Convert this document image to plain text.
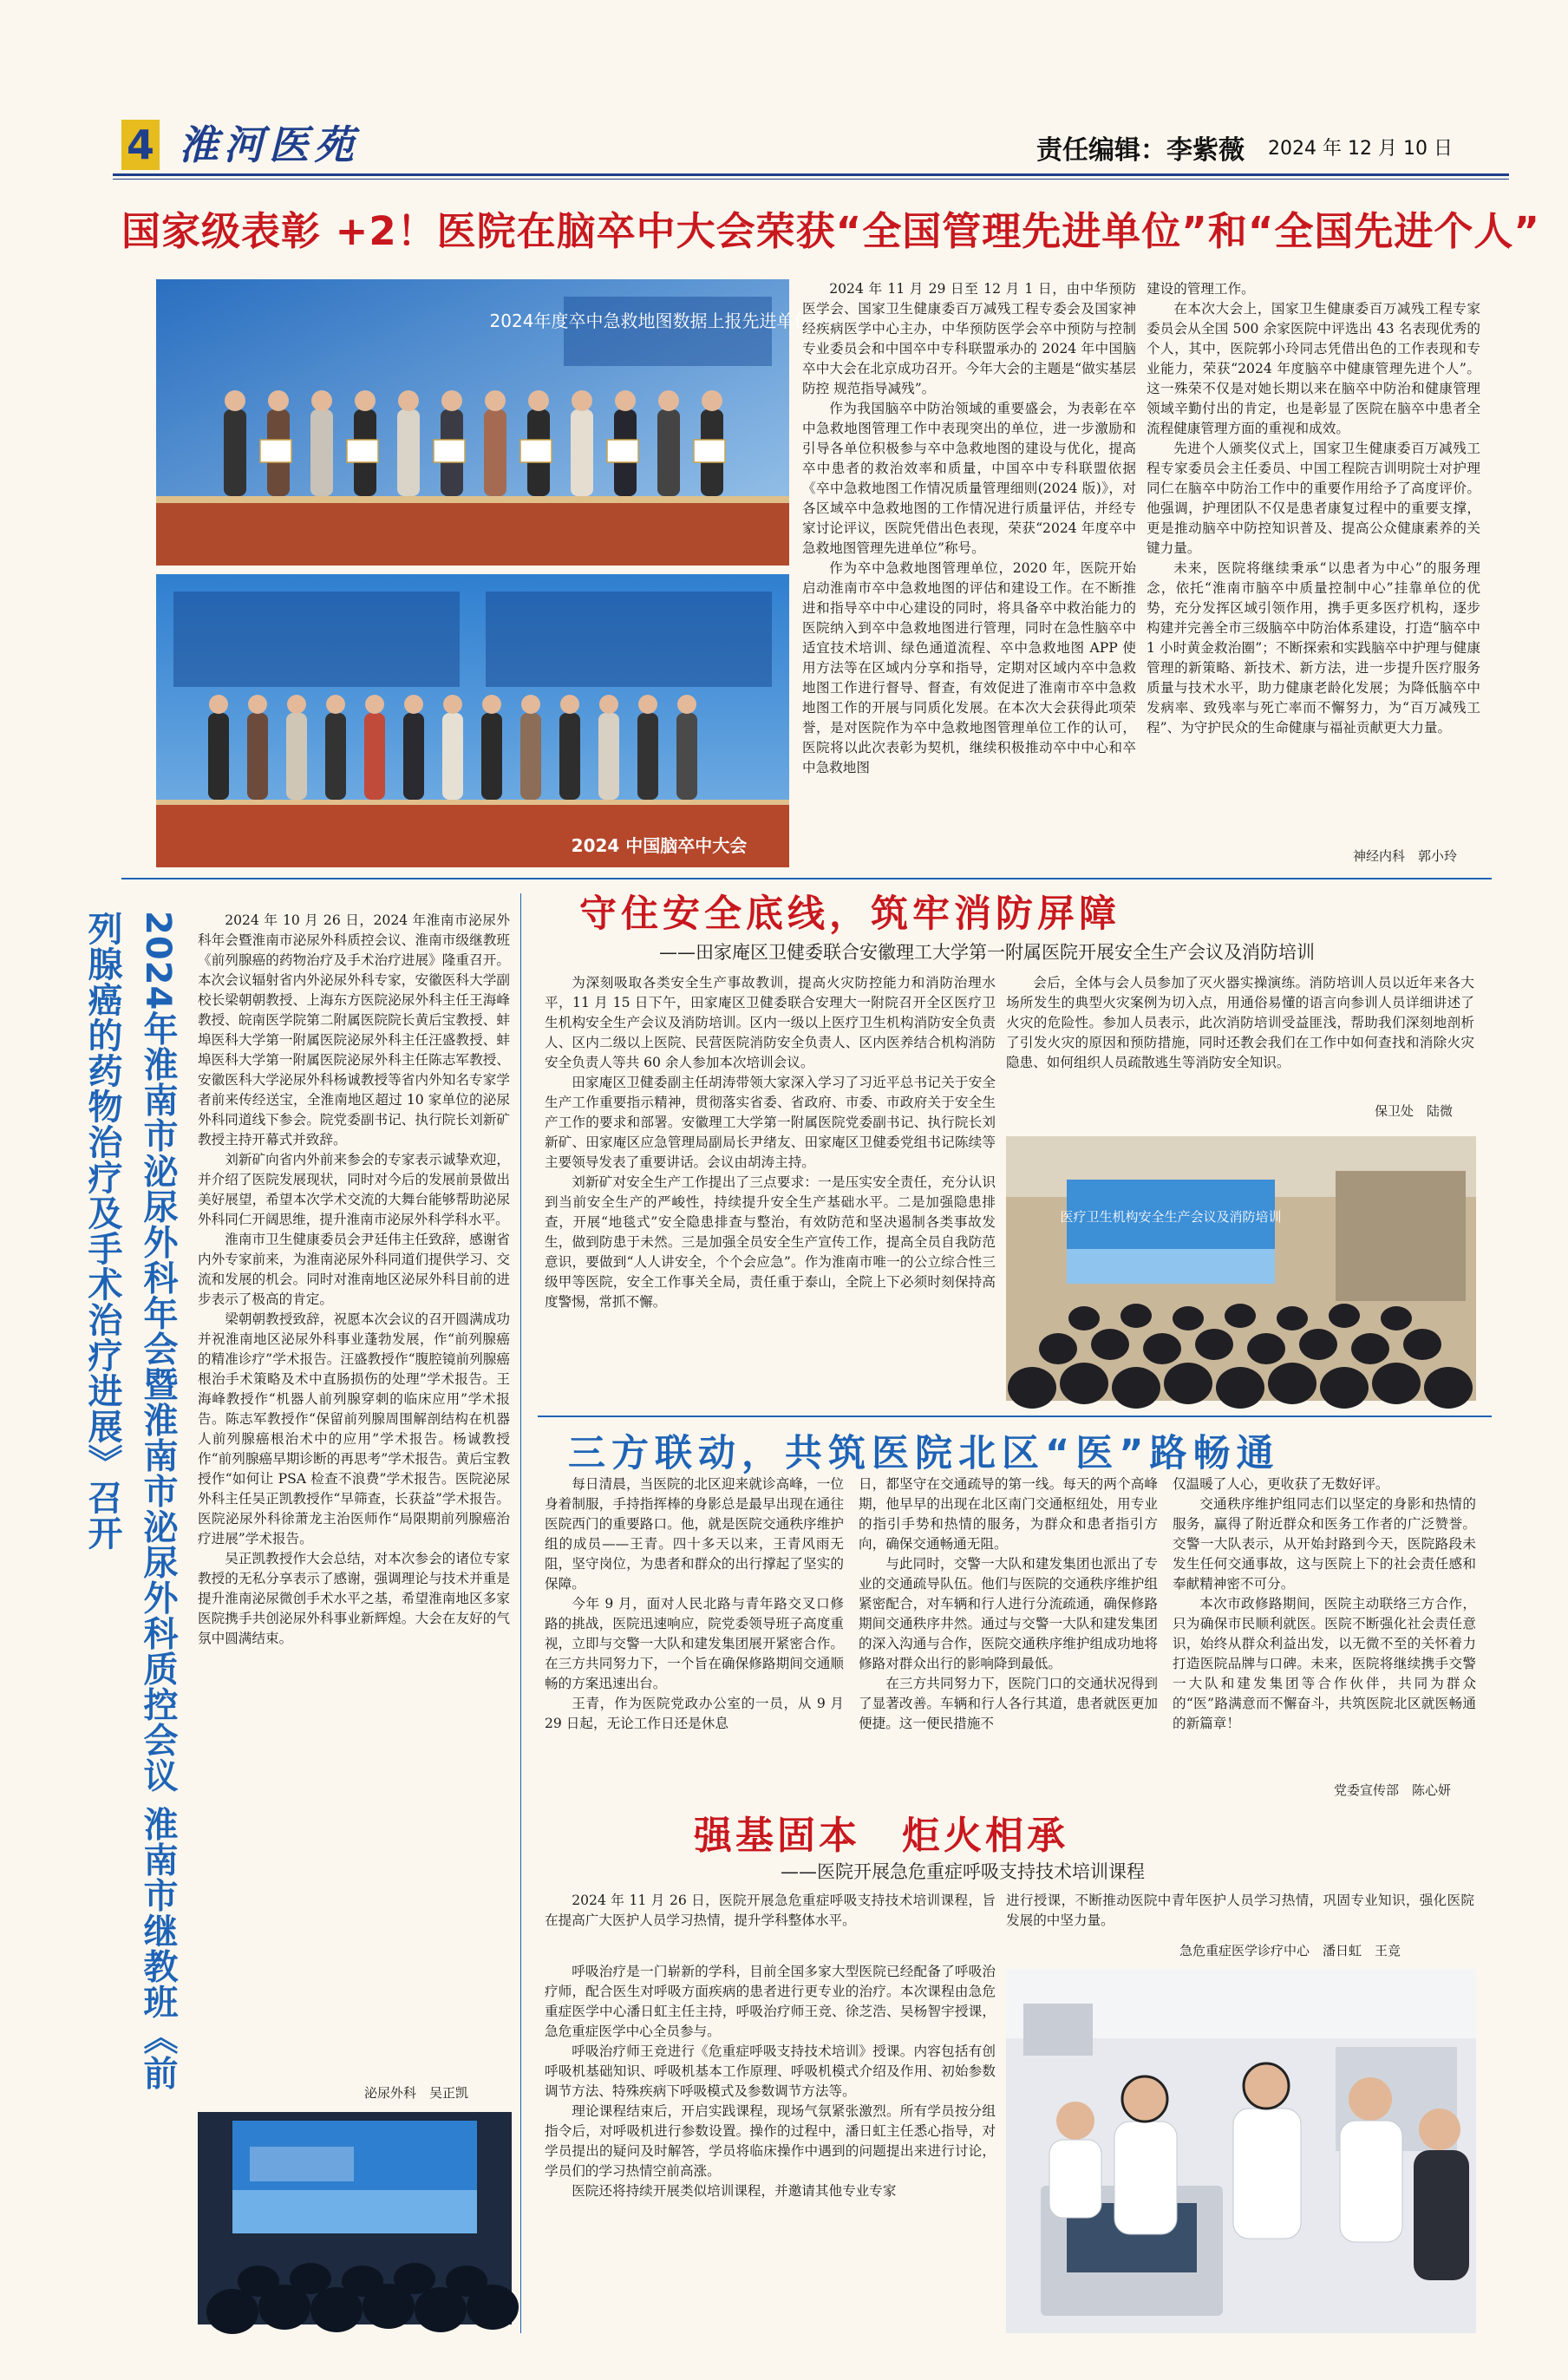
4 淮河医苑	责任编辑：李紫薇 2024 年 12 月 10 日
国家级表彰 +2！医院在脑卒中大会荣获“全国管理先进单位”和“全国先进个人”
2024年度卒中急救地图数据上报先进单位表彰
2024 中国脑卒中大会

2024 年 11 月 29 日至 12 月 1 日，由中华预防医学会、国家卫生健康委百万减残工程专委会及国家神经疾病医学中心主办，中华预防医学会卒中预防与控制专业委员会和中国卒中专科联盟承办的 2024 年中国脑卒中大会在北京成功召开。今年大会的主题是“做实基层防控 规范指导减残”。

作为我国脑卒中防治领域的重要盛会，为表彰在卒中急救地图管理工作中表现突出的单位，进一步激励和引导各单位积极参与卒中急救地图的建设与优化，提高卒中患者的救治效率和质量，中国卒中专科联盟依据《卒中急救地图工作情况质量管理细则(2024 版)》，对各区域卒中急救地图的工作情况进行质量评估，并经专家讨论评议，医院凭借出色表现，荣获“2024 年度卒中急救地图管理先进单位”称号。

作为卒中急救地图管理单位，2020 年，医院开始启动淮南市卒中急救地图的评估和建设工作。在不断推进和指导卒中中心建设的同时，将具备卒中救治能力的医院纳入到卒中急救地图进行管理，同时在急性脑卒中适宜技术培训、绿色通道流程、卒中急救地图 APP 使用方法等在区域内分享和指导，定期对区域内卒中急救地图工作进行督导、督查，有效促进了淮南市卒中急救地图工作的开展与同质化发展。在本次大会获得此项荣誉，是对医院作为卒中急救地图管理单位工作的认可，医院将以此次表彰为契机，继续积极推动卒中中心和卒中急救地图

建设的管理工作。

在本次大会上，国家卫生健康委百万减残工程专家委员会从全国 500 余家医院中评选出 43 名表现优秀的个人，其中，医院郭小玲同志凭借出色的工作表现和专业能力，荣获“2024 年度脑卒中健康管理先进个人”。这一殊荣不仅是对她长期以来在脑卒中防治和健康管理领域辛勤付出的肯定，也是彰显了医院在脑卒中患者全流程健康管理方面的重视和成效。

先进个人颁奖仪式上，国家卫生健康委百万减残工程专家委员会主任委员、中国工程院吉训明院士对护理同仁在脑卒中防治工作中的重要作用给予了高度评价。他强调，护理团队不仅是患者康复过程中的重要支撑，更是推动脑卒中防控知识普及、提高公众健康素养的关键力量。

未来，医院将继续秉承“以患者为中心”的服务理念，依托“淮南市脑卒中质量控制中心”挂靠单位的优势，充分发挥区域引领作用，携手更多医疗机构，逐步构建并完善全市三级脑卒中防治体系建设，打造“脑卒中 1 小时黄金救治圈”；不断探索和实践脑卒中护理与健康管理的新策略、新技术、新方法，进一步提升医疗服务质量与技术水平，助力健康老龄化发展；为降低脑卒中发病率、致残率与死亡率而不懈努力，为“百万减残工程”、为守护民众的生命健康与福祉贡献更大力量。

神经内科　郭小玲
2024年淮南市泌尿外科年会暨淮南市泌尿外科质控会议 淮南市继教班《前列腺癌的药物治疗及手术治疗进展》召开	2024 年 10 月 26 日，2024 年淮南市泌尿外科年会暨淮南市泌尿外科质控会议、淮南市级继教班《前列腺癌的药物治疗及手术治疗进展》隆重召开。本次会议辐射省内外泌尿外科专家，安徽医科大学副校长梁朝朝教授、上海东方医院泌尿外科主任王海峰教授、皖南医学院第二附属医院院长黄后宝教授、蚌埠医科大学第一附属医院泌尿外科主任汪盛教授、蚌埠医科大学第一附属医院泌尿外科主任陈志军教授、安徽医科大学泌尿外科杨诚教授等省内外知名专家学者前来传经送宝，全淮南地区超过 10 家单位的泌尿外科同道线下参会。院党委副书记、执行院长刘新矿教授主持开幕式并致辞。

刘新矿向省内外前来参会的专家表示诚挚欢迎，并介绍了医院发展现状，同时对今后的发展前景做出美好展望，希望本次学术交流的大舞台能够帮助泌尿外科同仁开阔思维，提升淮南市泌尿外科学科水平。

淮南市卫生健康委员会尹廷伟主任致辞，感谢省内外专家前来，为淮南泌尿外科同道们提供学习、交流和发展的机会。同时对淮南地区泌尿外科目前的进步表示了极高的肯定。

梁朝朝教授致辞，祝愿本次会议的召开圆满成功并祝淮南地区泌尿外科事业蓬勃发展，作“前列腺癌的精准诊疗”学术报告。汪盛教授作“腹腔镜前列腺癌根治手术策略及术中直肠损伤的处理”学术报告。王海峰教授作“机器人前列腺穿刺的临床应用”学术报告。陈志军教授作“保留前列腺周围解剖结构在机器人前列腺癌根治术中的应用”学术报告。杨诚教授作“前列腺癌早期诊断的再思考”学术报告。黄后宝教授作“如何让 PSA 检查不浪费”学术报告。医院泌尿外科主任吴正凯教授作“早筛查，长获益”学术报告。医院泌尿外科徐萧龙主治医师作“局限期前列腺癌治疗进展”学术报告。

吴正凯教授作大会总结，对本次参会的诸位专家教授的无私分享表示了感谢，强调理论与技术并重是提升淮南泌尿微创手术水平之基，希望淮南地区多家医院携手共创泌尿外科事业新辉煌。大会在友好的气氛中圆满结束。

泌尿外科　吴正凯
守住安全底线，筑牢消防屏障
——田家庵区卫健委联合安徽理工大学第一附属医院开展安全生产会议及消防培训

为深刻吸取各类安全生产事故教训，提高火灾防控能力和消防治理水平，11 月 15 日下午，田家庵区卫健委联合安理大一附院召开全区医疗卫生机构安全生产会议及消防培训。区内一级以上医疗卫生机构消防安全负责人、区内二级以上医院、民营医院消防安全负责人、区内医养结合机构消防安全负责人等共 60 余人参加本次培训会议。

田家庵区卫健委副主任胡涛带领大家深入学习了习近平总书记关于安全生产工作重要指示精神，贯彻落实省委、省政府、市委、市政府关于安全生产工作的要求和部署。安徽理工大学第一附属医院党委副书记、执行院长刘新矿、田家庵区应急管理局副局长尹绪友、田家庵区卫健委党组书记陈续等主要领导发表了重要讲话。会议由胡涛主持。

刘新矿对安全生产工作提出了三点要求：一是压实安全责任，充分认识到当前安全生产的严峻性，持续提升安全生产基础水平。二是加强隐患排查，开展“地毯式”安全隐患排查与整治，有效防范和坚决遏制各类事故发生，做到防患于未然。三是加强全员安全生产宣传工作，提高全员自我防范意识，要做到“人人讲安全，个个会应急”。作为淮南市唯一的公立综合性三级甲等医院，安全工作事关全局，责任重于泰山，全院上下必须时刻保持高度警惕，常抓不懈。

会后，全体与会人员参加了灭火器实操演练。消防培训人员以近年来各大场所发生的典型火灾案例为切入点，用通俗易懂的语言向参训人员详细讲述了火灾的危险性。参加人员表示，此次消防培训受益匪浅，帮助我们深刻地剖析了引发火灾的原因和预防措施，同时还教会我们在工作中如何查找和消除火灾隐患、如何组织人员疏散逃生等消防安全知识。

保卫处　陆微
医疗卫生机构安全生产会议及消防培训
三方联动，共筑医院北区“医”路畅通

每日清晨，当医院的北区迎来就诊高峰，一位身着制服，手持指挥棒的身影总是最早出现在通往医院西门的重要路口。他，就是医院交通秩序维护组的成员——王青。四十多天以来，王青风雨无阻，坚守岗位，为患者和群众的出行撑起了坚实的保障。

今年 9 月，面对人民北路与青年路交叉口修路的挑战，医院迅速响应，院党委领导班子高度重视，立即与交警一大队和建发集团展开紧密合作。在三方共同努力下，一个旨在确保修路期间交通顺畅的方案迅速出台。

王青，作为医院党政办公室的一员，从 9 月 29 日起，无论工作日还是休息

日，都坚守在交通疏导的第一线。每天的两个高峰期，他早早的出现在北区南门交通枢纽处，用专业的指引手势和热情的服务，为群众和患者指引方向，确保交通畅通无阻。

与此同时，交警一大队和建发集团也派出了专业的交通疏导队伍。他们与医院的交通秩序维护组紧密配合，对车辆和行人进行分流疏通，确保修路期间交通秩序井然。通过与交警一大队和建发集团的深入沟通与合作，医院交通秩序维护组成功地将修路对群众出行的影响降到最低。

在三方共同努力下，医院门口的交通状况得到了显著改善。车辆和行人各行其道，患者就医更加便捷。这一便民措施不

仅温暖了人心，更收获了无数好评。

交通秩序维护组同志们以坚定的身影和热情的服务，赢得了附近群众和医务工作者的广泛赞誉。交警一大队表示，从开始封路到今天，医院路段未发生任何交通事故，这与医院上下的社会责任感和奉献精神密不可分。

本次市政修路期间，医院主动联络三方合作，只为确保市民顺利就医。医院不断强化社会责任意识，始终从群众利益出发，以无微不至的关怀着力打造医院品牌与口碑。未来，医院将继续携手交警一大队和建发集团等合作伙伴，共同为群众的“医”路满意而不懈奋斗，共筑医院北区就医畅通的新篇章！

党委宣传部　陈心妍
强基固本　炬火相承
——医院开展急危重症呼吸支持技术培训课程

2024 年 11 月 26 日，医院开展急危重症呼吸支持技术培训课程，旨在提高广大医护人员学习热情，提升学科整体水平。

进行授课，不断推动医院中青年医护人员学习热情，巩固专业知识，强化医院发展的中坚力量。

急危重症医学诊疗中心　潘日虹　王竞

呼吸治疗是一门崭新的学科，目前全国多家大型医院已经配备了呼吸治疗师，配合医生对呼吸方面疾病的患者进行更专业的治疗。本次课程由急危重症医学中心潘日虹主任主持，呼吸治疗师王竞、徐芝浩、吴杨智宇授课，急危重症医学中心全员参与。

呼吸治疗师王竞进行《危重症呼吸支持技术培训》授课。内容包括有创呼吸机基础知识、呼吸机基本工作原理、呼吸机模式介绍及作用、初始参数调节方法、特殊疾病下呼吸模式及参数调节方法等。

理论课程结束后，开启实践课程，现场气氛紧张激烈。所有学员按分组指令后，对呼吸机进行参数设置。操作的过程中，潘日虹主任悉心指导，对学员提出的疑问及时解答，学员将临床操作中遇到的问题提出来进行讨论，学员们的学习热情空前高涨。

医院还将持续开展类似培训课程，并邀请其他专业专家
